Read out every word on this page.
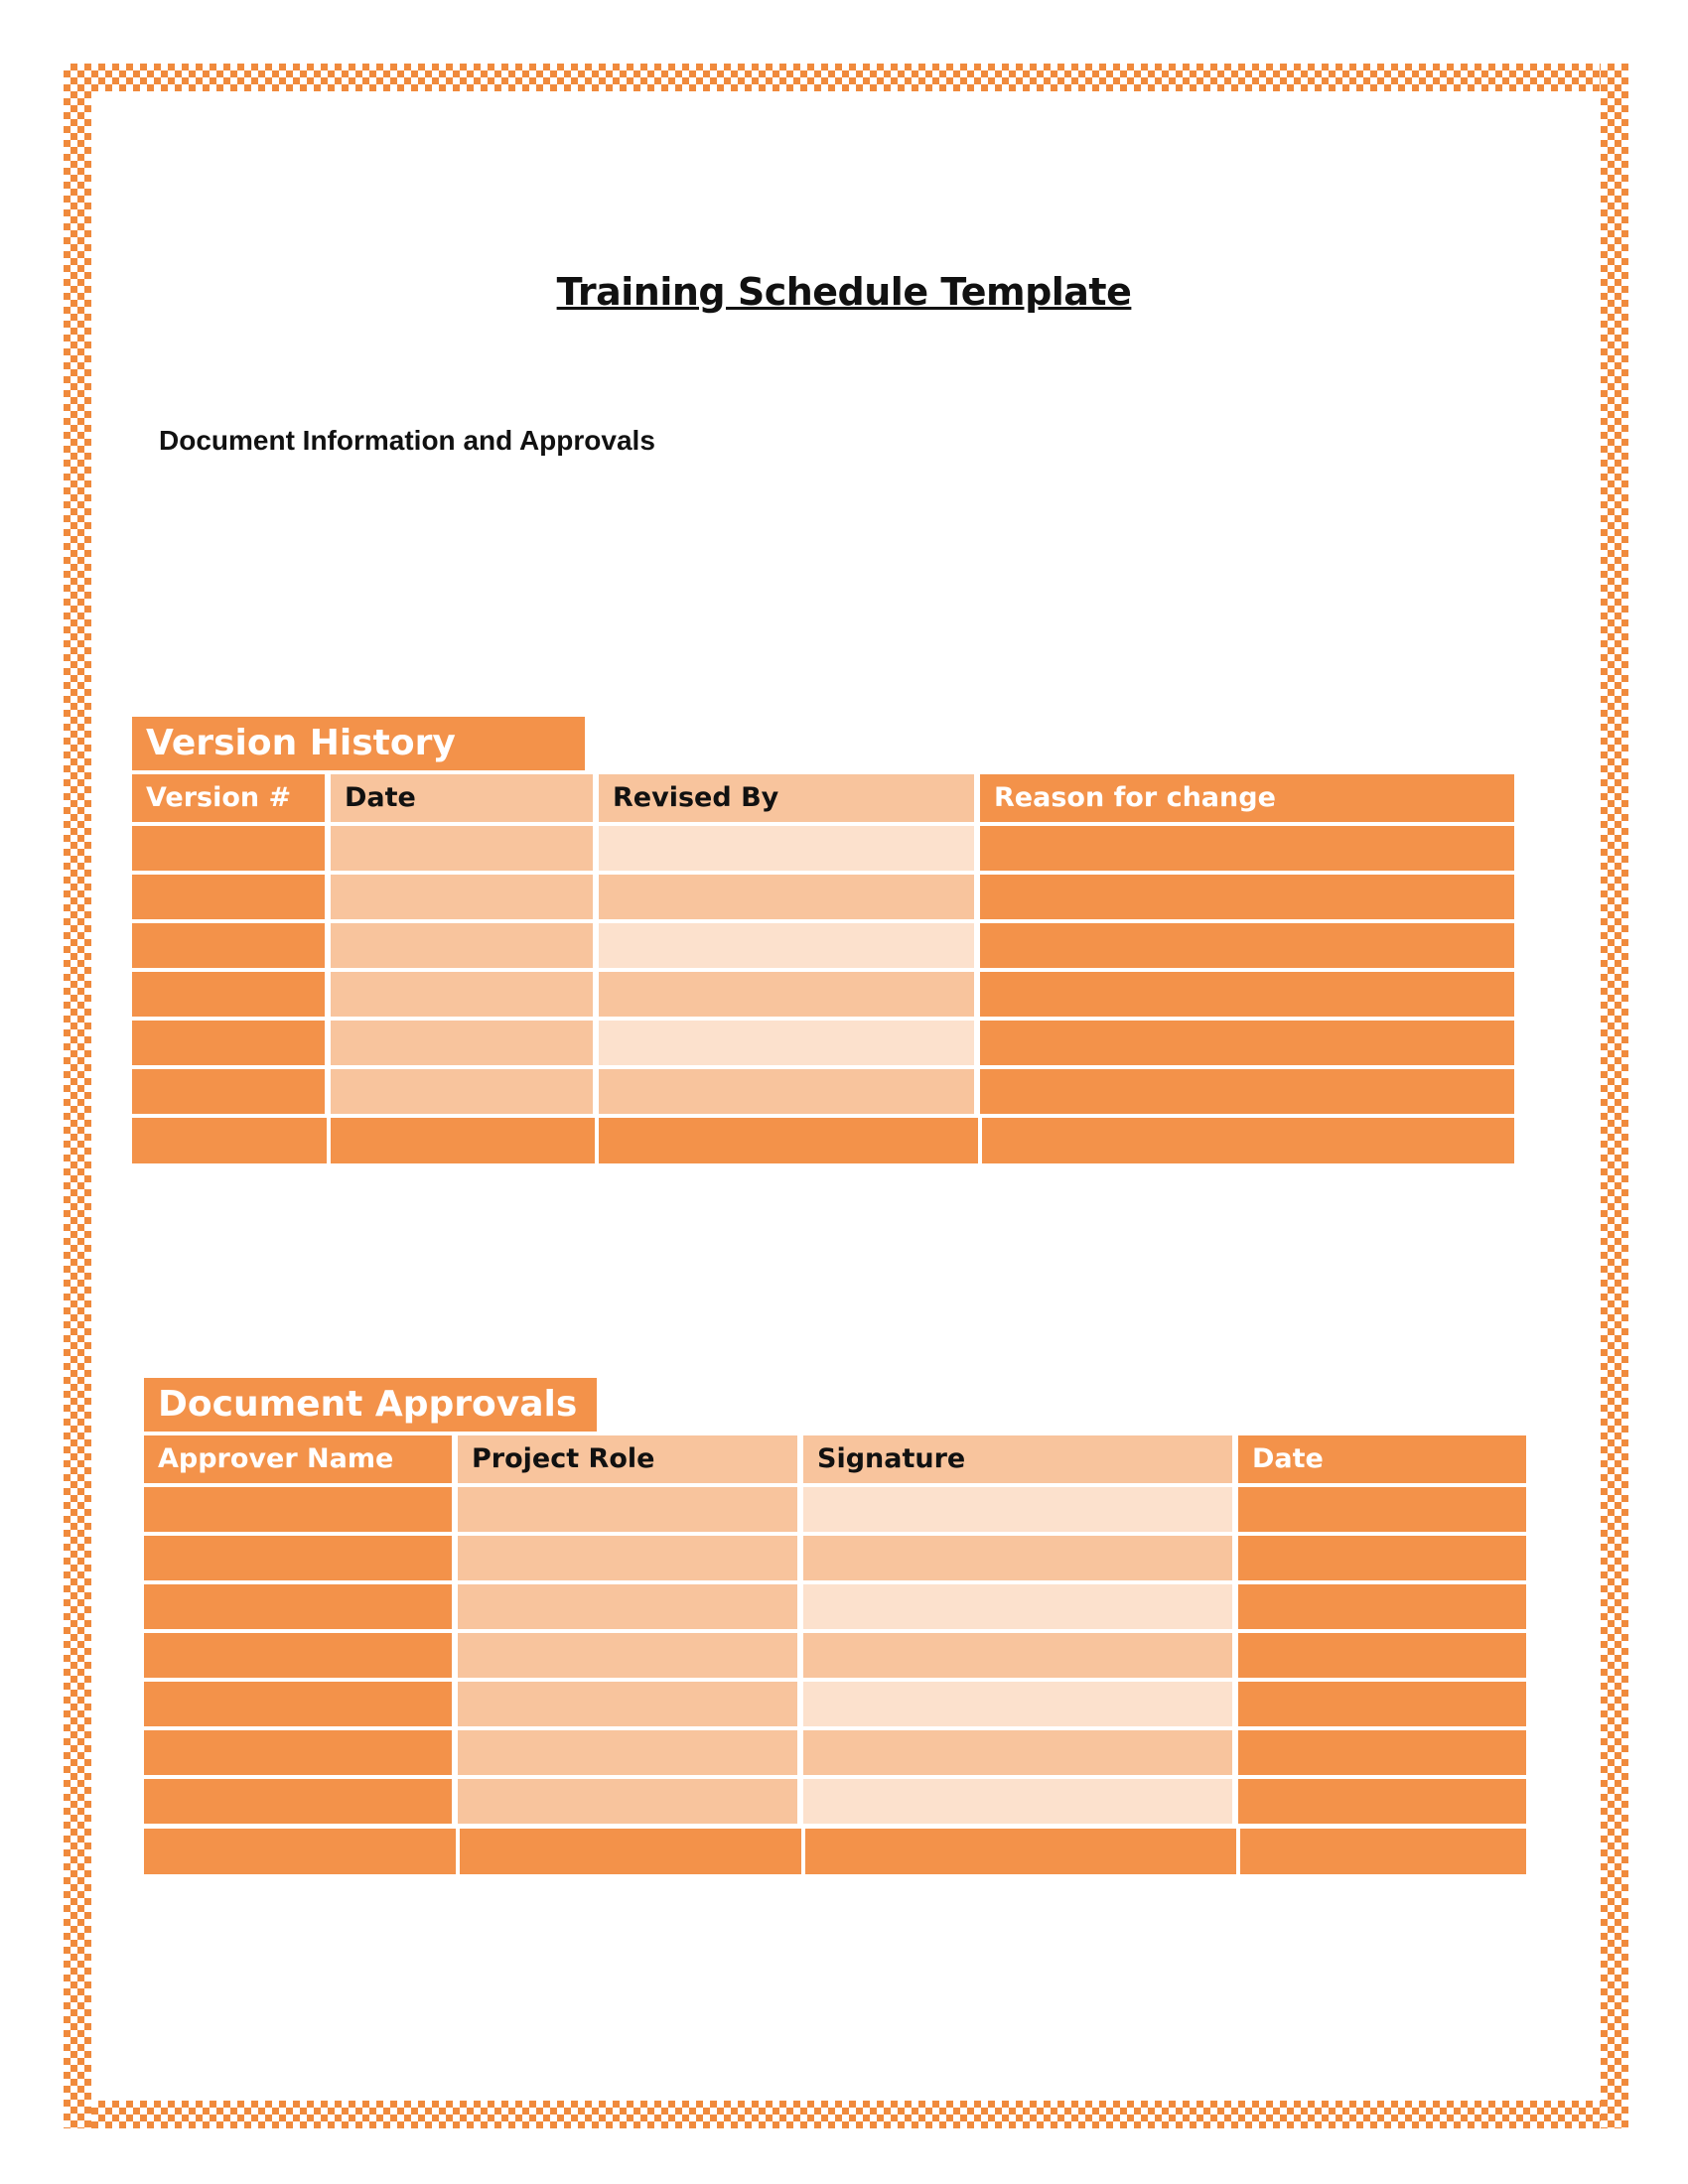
Training Schedule Template
Document Information and Approvals
Version History
Version #	Date	Revised By	Reason for change
Document Approvals
Approver Name	Project Role	Signature	Date
